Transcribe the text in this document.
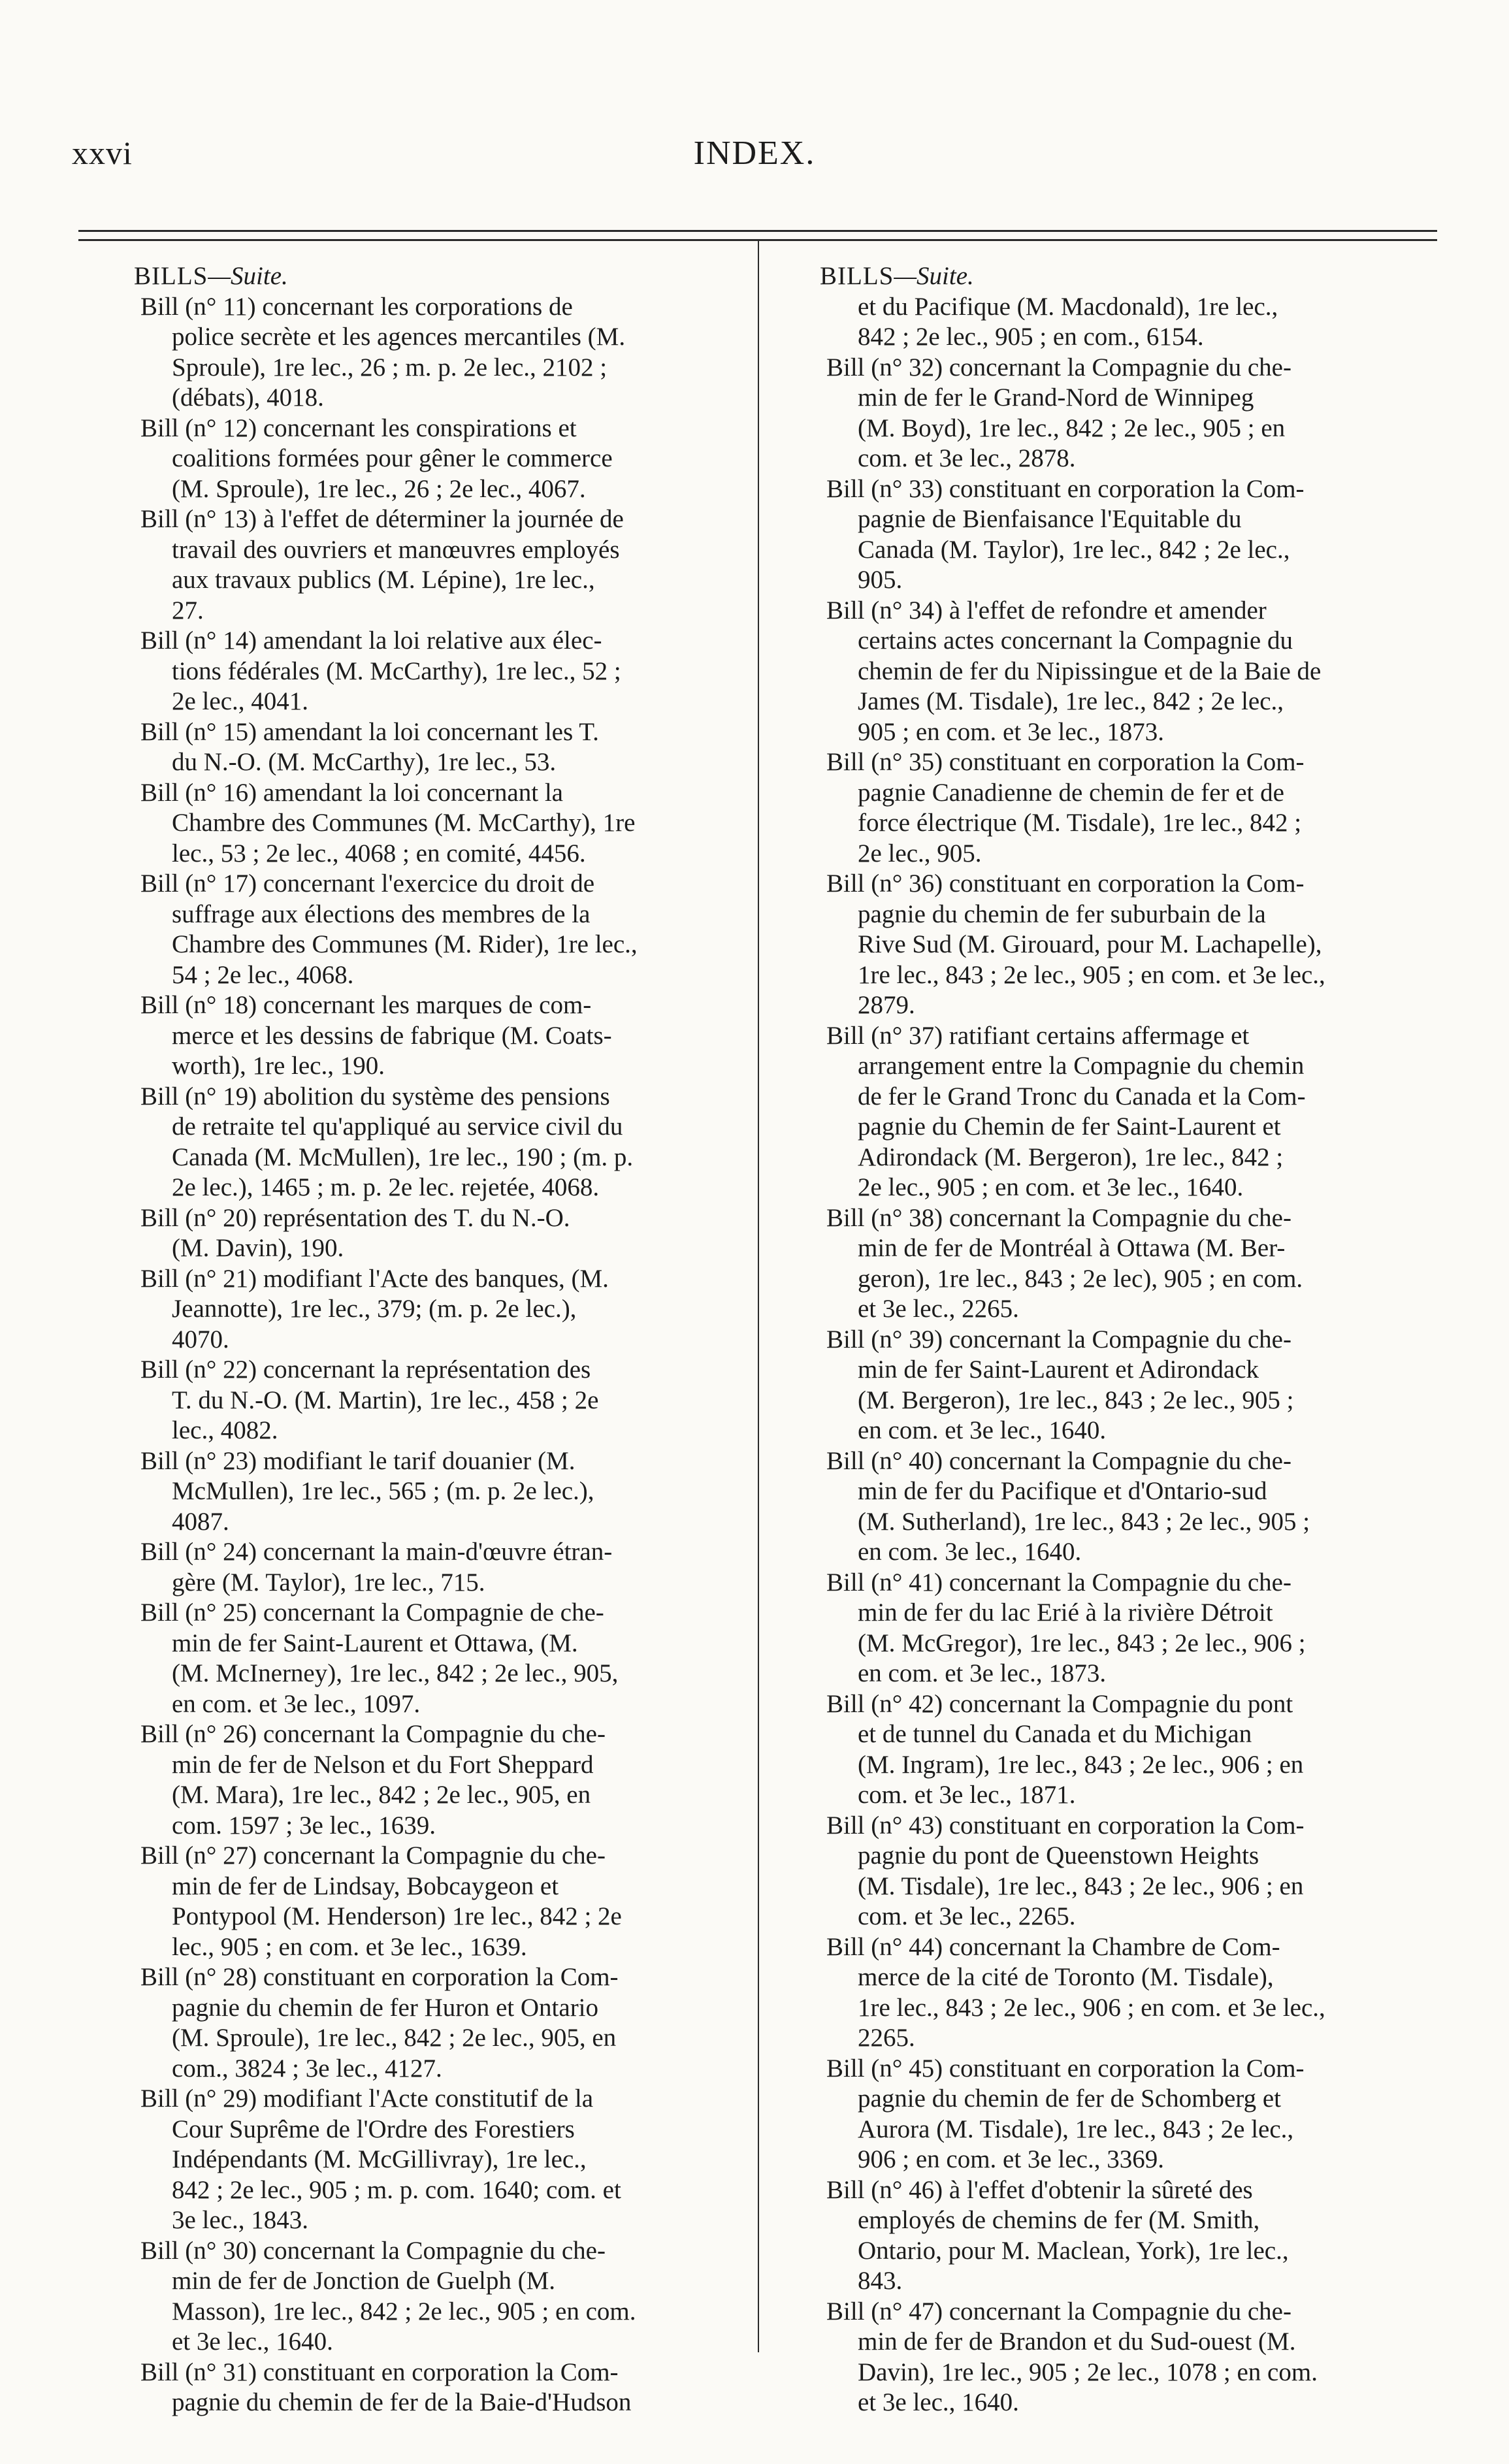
xxvi	INDEX.
BILLS—Suite.
Bill (n° 11) concernant les corporations de
police secrète et les agences mercantiles (M.
Sproule), 1re lec., 26 ; m. p. 2e lec., 2102 ;
(débats), 4018.
Bill (n° 12) concernant les conspirations et
coalitions formées pour gêner le commerce
(M. Sproule), 1re lec., 26 ; 2e lec., 4067.
Bill (n° 13) à l'effet de déterminer la journée de
travail des ouvriers et manœuvres employés
aux travaux publics (M. Lépine), 1re lec.,
27.
Bill (n° 14) amendant la loi relative aux élec-
tions fédérales (M. McCarthy), 1re lec., 52 ;
2e lec., 4041.
Bill (n° 15) amendant la loi concernant les T.
du N.-O. (M. McCarthy), 1re lec., 53.
Bill (n° 16) amendant la loi concernant la
Chambre des Communes (M. McCarthy), 1re
lec., 53 ; 2e lec., 4068 ; en comité, 4456.
Bill (n° 17) concernant l'exercice du droit de
suffrage aux élections des membres de la
Chambre des Communes (M. Rider), 1re lec.,
54 ; 2e lec., 4068.
Bill (n° 18) concernant les marques de com-
merce et les dessins de fabrique (M. Coats-
worth), 1re lec., 190.
Bill (n° 19) abolition du système des pensions
de retraite tel qu'appliqué au service civil du
Canada (M. McMullen), 1re lec., 190 ; (m. p.
2e lec.), 1465 ; m. p. 2e lec. rejetée, 4068.
Bill (n° 20) représentation des T. du N.-O.
(M. Davin), 190.
Bill (n° 21) modifiant l'Acte des banques, (M.
Jeannotte), 1re lec., 379; (m. p. 2e lec.),
4070.
Bill (n° 22) concernant la représentation des
T. du N.-O. (M. Martin), 1re lec., 458 ; 2e
lec., 4082.
Bill (n° 23) modifiant le tarif douanier (M.
McMullen), 1re lec., 565 ; (m. p. 2e lec.),
4087.
Bill (n° 24) concernant la main-d'œuvre étran-
gère (M. Taylor), 1re lec., 715.
Bill (n° 25) concernant la Compagnie de che-
min de fer Saint-Laurent et Ottawa, (M.
(M. McInerney), 1re lec., 842 ; 2e lec., 905,
en com. et 3e lec., 1097.
Bill (n° 26) concernant la Compagnie du che-
min de fer de Nelson et du Fort Sheppard
(M. Mara), 1re lec., 842 ; 2e lec., 905, en
com. 1597 ; 3e lec., 1639.
Bill (n° 27) concernant la Compagnie du che-
min de fer de Lindsay, Bobcaygeon et
Pontypool (M. Henderson) 1re lec., 842 ; 2e
lec., 905 ; en com. et 3e lec., 1639.
Bill (n° 28) constituant en corporation la Com-
pagnie du chemin de fer Huron et Ontario
(M. Sproule), 1re lec., 842 ; 2e lec., 905, en
com., 3824 ; 3e lec., 4127.
Bill (n° 29) modifiant l'Acte constitutif de la
Cour Suprême de l'Ordre des Forestiers
Indépendants (M. McGillivray), 1re lec.,
842 ; 2e lec., 905 ; m. p. com. 1640; com. et
3e lec., 1843.
Bill (n° 30) concernant la Compagnie du che-
min de fer de Jonction de Guelph (M.
Masson), 1re lec., 842 ; 2e lec., 905 ; en com.
et 3e lec., 1640.
Bill (n° 31) constituant en corporation la Com-
pagnie du chemin de fer de la Baie-d'Hudson
BILLS—Suite.
et du Pacifique (M. Macdonald), 1re lec.,
842 ; 2e lec., 905 ; en com., 6154.
Bill (n° 32) concernant la Compagnie du che-
min de fer le Grand-Nord de Winnipeg
(M. Boyd), 1re lec., 842 ; 2e lec., 905 ; en
com. et 3e lec., 2878.
Bill (n° 33) constituant en corporation la Com-
pagnie de Bienfaisance l'Equitable du
Canada (M. Taylor), 1re lec., 842 ; 2e lec.,
905.
Bill (n° 34) à l'effet de refondre et amender
certains actes concernant la Compagnie du
chemin de fer du Nipissingue et de la Baie de
James (M. Tisdale), 1re lec., 842 ; 2e lec.,
905 ; en com. et 3e lec., 1873.
Bill (n° 35) constituant en corporation la Com-
pagnie Canadienne de chemin de fer et de
force électrique (M. Tisdale), 1re lec., 842 ;
2e lec., 905.
Bill (n° 36) constituant en corporation la Com-
pagnie du chemin de fer suburbain de la
Rive Sud (M. Girouard, pour M. Lachapelle),
1re lec., 843 ; 2e lec., 905 ; en com. et 3e lec.,
2879.
Bill (n° 37) ratifiant certains affermage et
arrangement entre la Compagnie du chemin
de fer le Grand Tronc du Canada et la Com-
pagnie du Chemin de fer Saint-Laurent et
Adirondack (M. Bergeron), 1re lec., 842 ;
2e lec., 905 ; en com. et 3e lec., 1640.
Bill (n° 38) concernant la Compagnie du che-
min de fer de Montréal à Ottawa (M. Ber-
geron), 1re lec., 843 ; 2e lec), 905 ; en com.
et 3e lec., 2265.
Bill (n° 39) concernant la Compagnie du che-
min de fer Saint-Laurent et Adirondack
(M. Bergeron), 1re lec., 843 ; 2e lec., 905 ;
en com. et 3e lec., 1640.
Bill (n° 40) concernant la Compagnie du che-
min de fer du Pacifique et d'Ontario-sud
(M. Sutherland), 1re lec., 843 ; 2e lec., 905 ;
en com. 3e lec., 1640.
Bill (n° 41) concernant la Compagnie du che-
min de fer du lac Erié à la rivière Détroit
(M. McGregor), 1re lec., 843 ; 2e lec., 906 ;
en com. et 3e lec., 1873.
Bill (n° 42) concernant la Compagnie du pont
et de tunnel du Canada et du Michigan
(M. Ingram), 1re lec., 843 ; 2e lec., 906 ; en
com. et 3e lec., 1871.
Bill (n° 43) constituant en corporation la Com-
pagnie du pont de Queenstown Heights
(M. Tisdale), 1re lec., 843 ; 2e lec., 906 ; en
com. et 3e lec., 2265.
Bill (n° 44) concernant la Chambre de Com-
merce de la cité de Toronto (M. Tisdale),
1re lec., 843 ; 2e lec., 906 ; en com. et 3e lec.,
2265.
Bill (n° 45) constituant en corporation la Com-
pagnie du chemin de fer de Schomberg et
Aurora (M. Tisdale), 1re lec., 843 ; 2e lec.,
906 ; en com. et 3e lec., 3369.
Bill (n° 46) à l'effet d'obtenir la sûreté des
employés de chemins de fer (M. Smith,
Ontario, pour M. Maclean, York), 1re lec.,
843.
Bill (n° 47) concernant la Compagnie du che-
min de fer de Brandon et du Sud-ouest (M.
Davin), 1re lec., 905 ; 2e lec., 1078 ; en com.
et 3e lec., 1640.
